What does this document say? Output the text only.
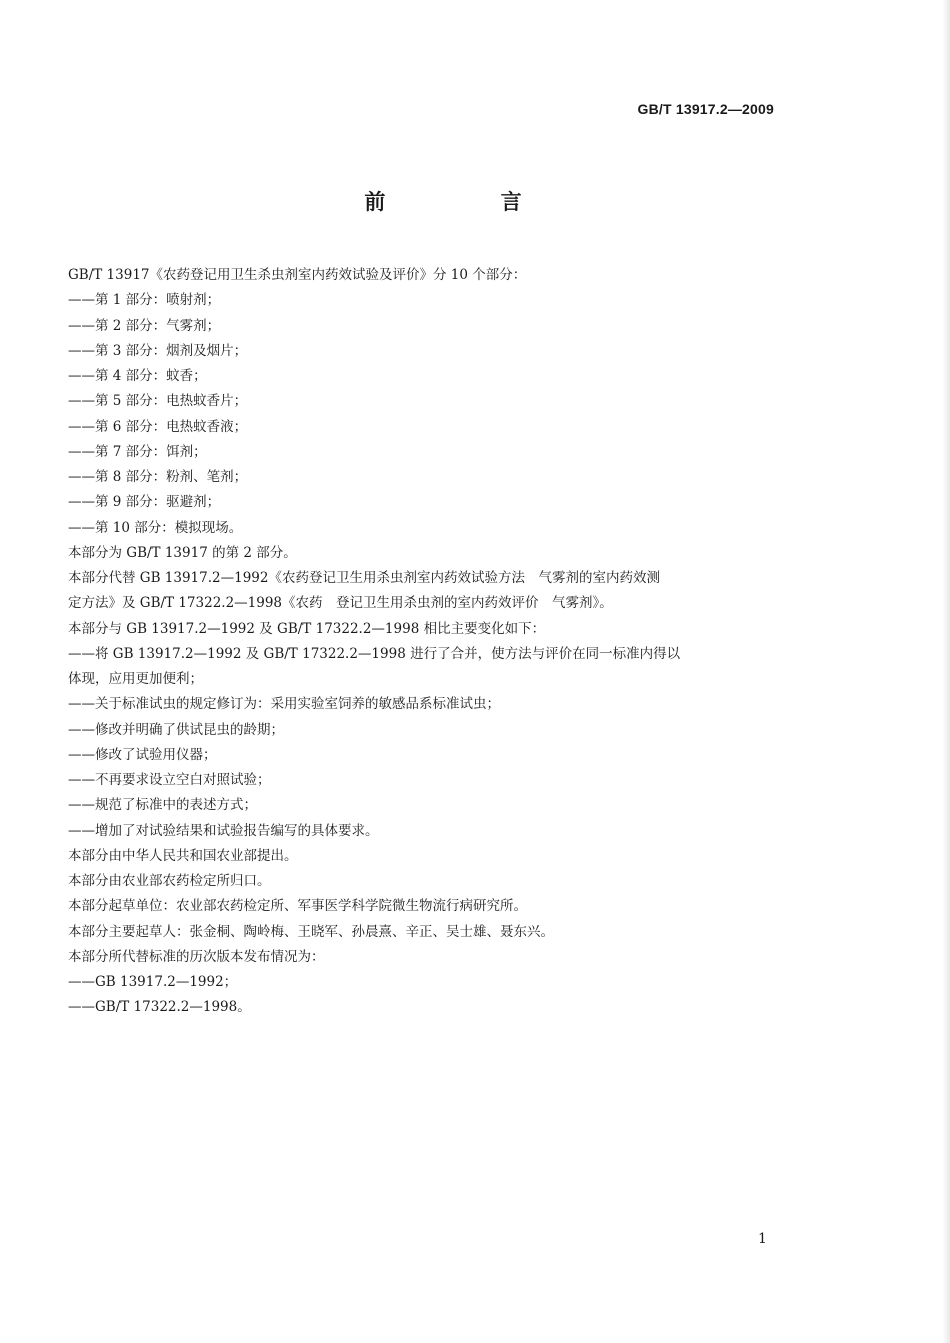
GB/T 13917.2—2009
前 言
GB/T 13917《农药登记用卫生杀虫剂室内药效试验及评价》分 10 个部分：
——第 1 部分：喷射剂；
——第 2 部分：气雾剂；
——第 3 部分：烟剂及烟片；
——第 4 部分：蚊香；
——第 5 部分：电热蚊香片；
——第 6 部分：电热蚊香液；
——第 7 部分：饵剂；
——第 8 部分：粉剂、笔剂；
——第 9 部分：驱避剂；
——第 10 部分：模拟现场。
本部分为 GB/T 13917 的第 2 部分。
本部分代替 GB 13917.2—1992《农药登记卫生用杀虫剂室内药效试验方法　气雾剂的室内药效测
定方法》及 GB/T 17322.2—1998《农药　登记卫生用杀虫剂的室内药效评价　气雾剂》。
本部分与 GB 13917.2—1992 及 GB/T 17322.2—1998 相比主要变化如下：
——将 GB 13917.2—1992 及 GB/T 17322.2—1998 进行了合并，使方法与评价在同一标准内得以
体现，应用更加便利；
——关于标准试虫的规定修订为：采用实验室饲养的敏感品系标准试虫；
——修改并明确了供试昆虫的龄期；
——修改了试验用仪器；
——不再要求设立空白对照试验；
——规范了标准中的表述方式；
——增加了对试验结果和试验报告编写的具体要求。
本部分由中华人民共和国农业部提出。
本部分由农业部农药检定所归口。
本部分起草单位：农业部农药检定所、军事医学科学院微生物流行病研究所。
本部分主要起草人：张金桐、陶岭梅、王晓军、孙晨熹、辛正、吴士雄、聂东兴。
本部分所代替标准的历次版本发布情况为：
——GB 13917.2—1992；
——GB/T 17322.2—1998。
1
